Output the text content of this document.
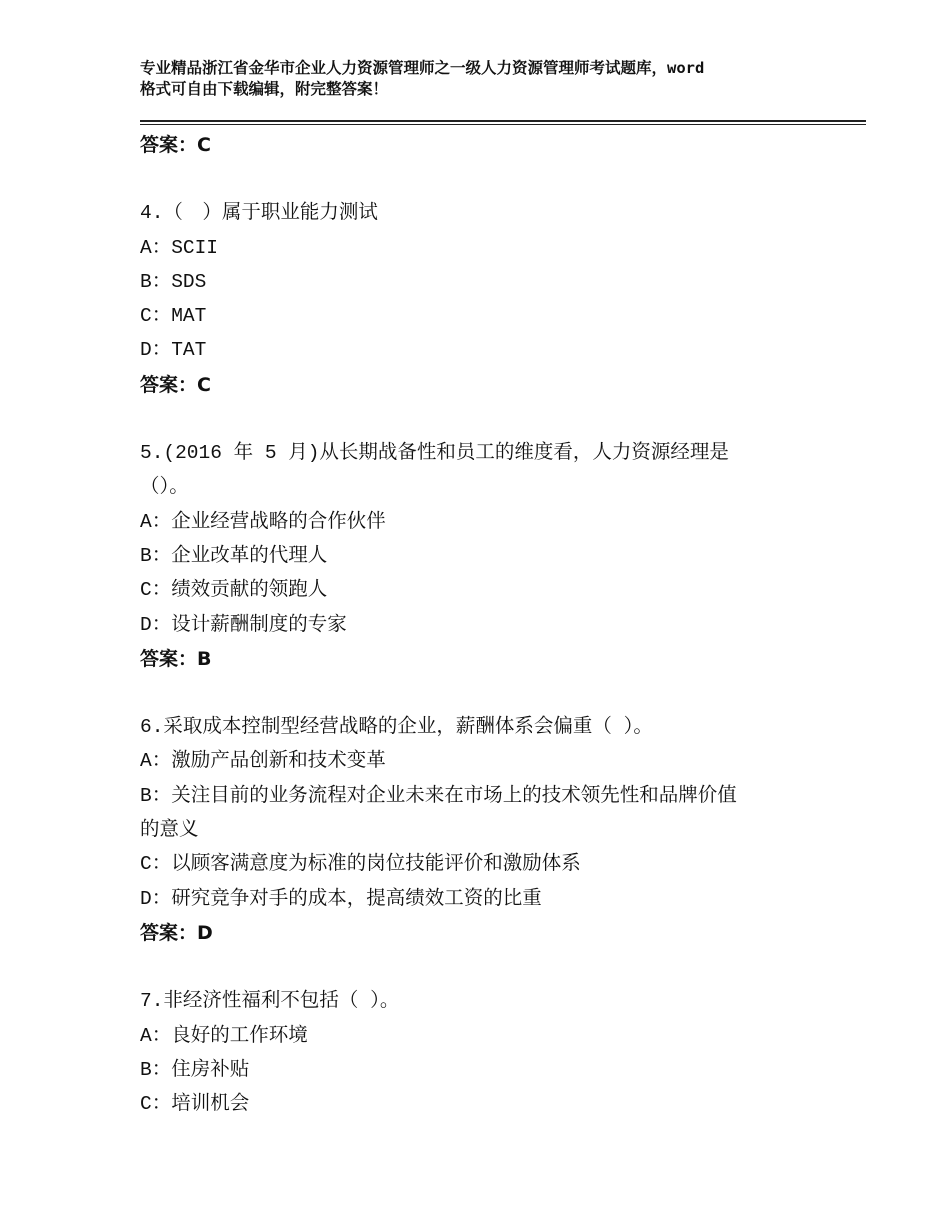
专业精品浙江省金华市企业人力资源管理师之一级人力资源管理师考试题库，word
格式可自由下载编辑，附完整答案！
答案：C
4.（　）属于职业能力测试
A：SCII
B：SDS
C：MAT
D：TAT
答案：C
5.(2016 年 5 月)从长期战备性和员工的维度看，人力资源经理是
（）。
A：企业经营战略的合作伙伴
B：企业改革的代理人
C：绩效贡献的领跑人
D：设计薪酬制度的专家
答案：B
6.采取成本控制型经营战略的企业，薪酬体系会偏重（ ）。
A：激励产品创新和技术变革
B：关注目前的业务流程对企业未来在市场上的技术领先性和品牌价值
的意义
C：以顾客满意度为标准的岗位技能评价和激励体系
D：研究竞争对手的成本，提高绩效工资的比重
答案：D
7.非经济性福利不包括（ ）。
A：良好的工作环境
B：住房补贴
C：培训机会
